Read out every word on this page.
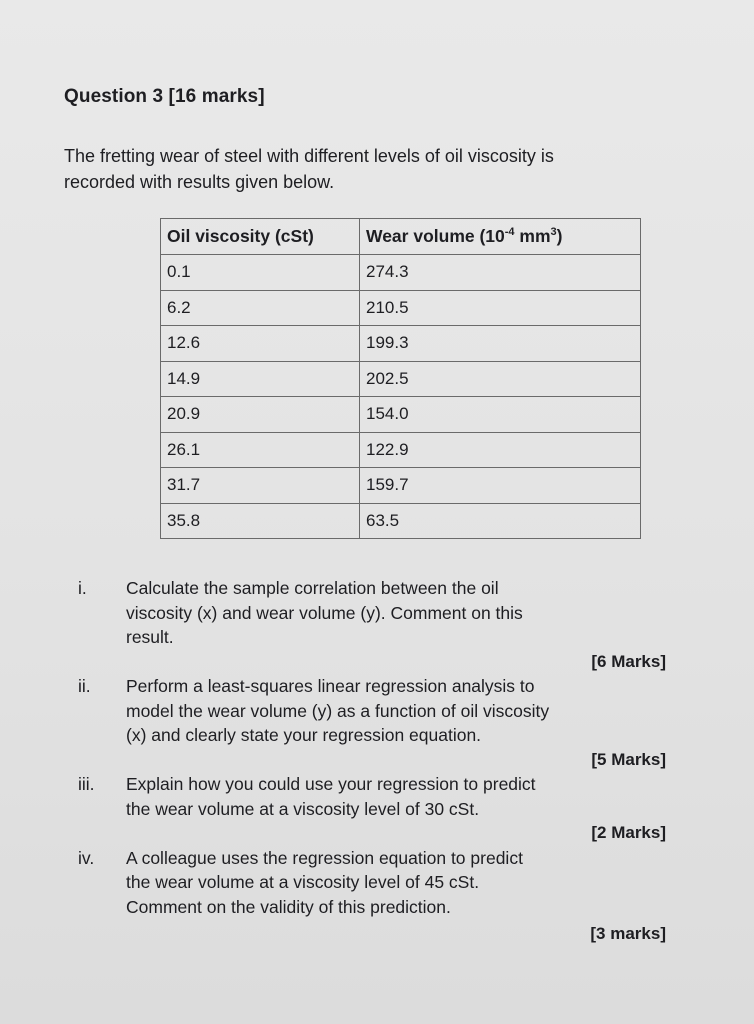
Question 3 [16 marks]
The fretting wear of steel with different levels of oil viscosity is
recorded with results given below.
Oil viscosity (cSt)	Wear volume ($10^{-4}$ $mm^3$)
0.1	274.3
6.2	210.5
12.6	199.3
14.9	202.5
20.9	154.0
26.1	122.9
31.7	159.7
35.8	63.5
i.	Calculate the sample correlation between the oil
viscosity (x) and wear volume (y). Comment on this
result.
[6 Marks]
ii.	Perform a least-squares linear regression analysis to
model the wear volume (y) as a function of oil viscosity
(x) and clearly state your regression equation.
[5 Marks]
iii.	Explain how you could use your regression to predict
the wear volume at a viscosity level of 30 cSt.
[2 Marks]
iv.	A colleague uses the regression equation to predict
the wear volume at a viscosity level of 45 cSt.
Comment on the validity of this prediction.
[3 marks]
